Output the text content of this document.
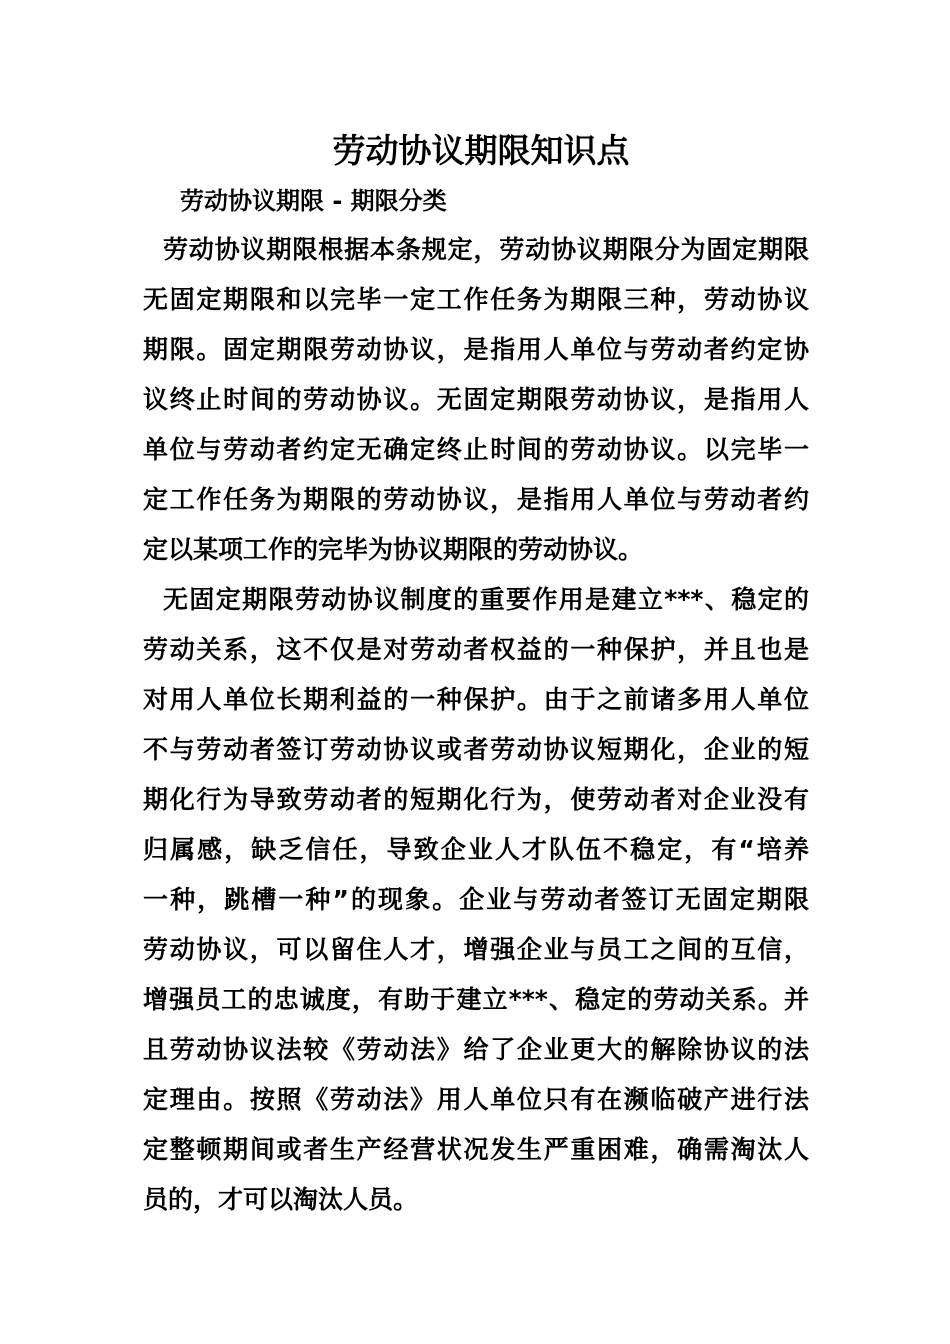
劳动协议期限知识点
劳动协议期限 - 期限分类
劳动协议期限根据本条规定，劳动协议期限分为固定期限
无固定期限和以完毕一定工作任务为期限三种，劳动协议
期限。固定期限劳动协议，是指用人单位与劳动者约定协
议终止时间的劳动协议。无固定期限劳动协议，是指用人
单位与劳动者约定无确定终止时间的劳动协议。以完毕一
定工作任务为期限的劳动协议，是指用人单位与劳动者约
定以某项工作的完毕为协议期限的劳动协议。
无固定期限劳动协议制度的重要作用是建立***、稳定的
劳动关系，这不仅是对劳动者权益的一种保护，并且也是
对用人单位长期利益的一种保护。由于之前诸多用人单位
不与劳动者签订劳动协议或者劳动协议短期化，企业的短
期化行为导致劳动者的短期化行为，使劳动者对企业没有
归属感，缺乏信任，导致企业人才队伍不稳定，有“培养
一种，跳槽一种”的现象。企业与劳动者签订无固定期限
劳动协议，可以留住人才，增强企业与员工之间的互信，
增强员工的忠诚度，有助于建立***、稳定的劳动关系。并
且劳动协议法较《劳动法》给了企业更大的解除协议的法
定理由。按照《劳动法》用人单位只有在濒临破产进行法
定整顿期间或者生产经营状况发生严重困难，确需淘汰人
员的，才可以淘汰人员。
